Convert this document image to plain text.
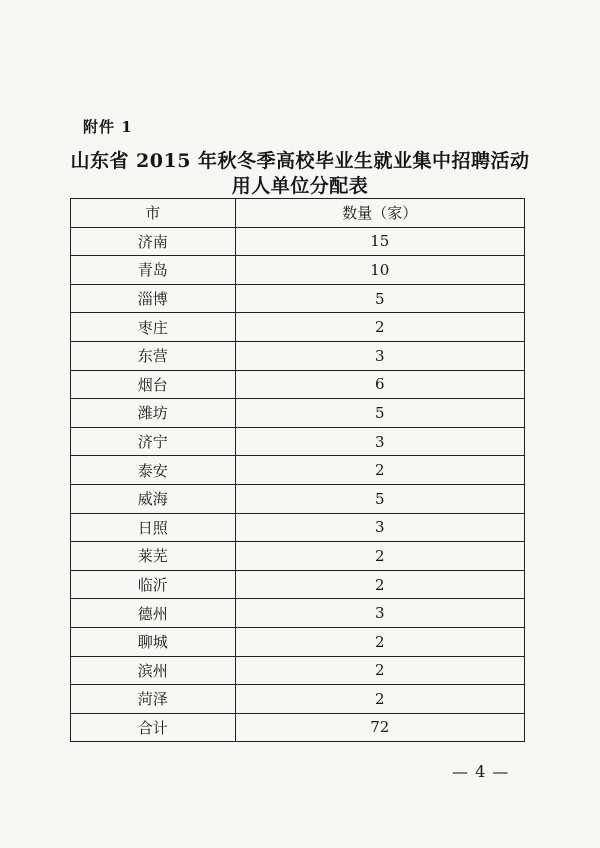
附件 1
山东省 2015 年秋冬季高校毕业生就业集中招聘活动
用人单位分配表
市	数量（家）
济南	15
青岛	10
淄博	5
枣庄	2
东营	3
烟台	6
潍坊	5
济宁	3
泰安	2
威海	5
日照	3
莱芜	2
临沂	2
德州	3
聊城	2
滨州	2
菏泽	2
合计	72
— 4 —
